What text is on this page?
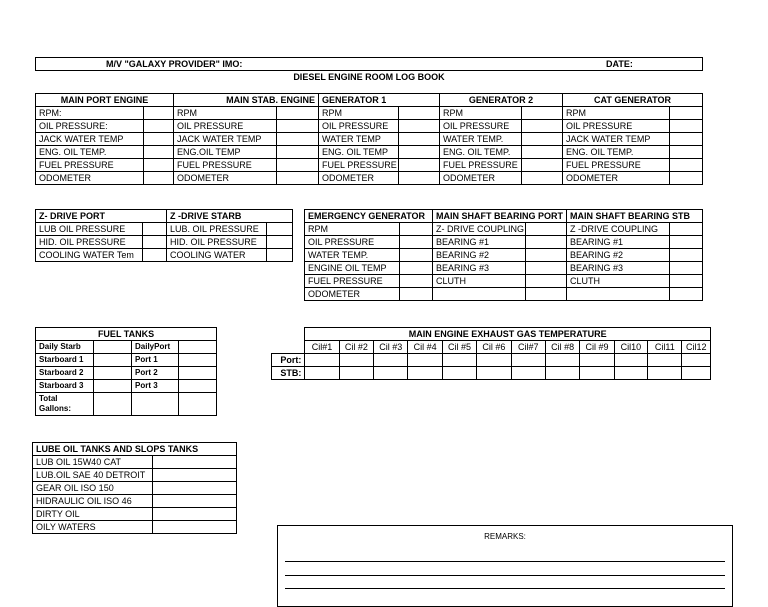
M/V "GALAXY PROVIDER" IMO:	DATE:
DIESEL ENGINE ROOM LOG BOOK
MAIN PORT ENGINE		MAIN STAB. ENGINE		GENERATOR 1		GENERATOR 2		CAT GENERATOR	
RPM:		RPM		RPM		RPM		RPM	
OIL PRESSURE:		OIL PRESSURE		OIL PRESSURE		OIL PRESSURE		OIL PRESSURE	
JACK WATER TEMP		JACK WATER TEMP		WATER TEMP		WATER TEMP.		JACK WATER TEMP	
ENG. OIL TEMP.		ENG.OIL TEMP		ENG. OIL TEMP		ENG. OIL TEMP.		ENG. OIL TEMP.	
FUEL PRESSURE		FUEL PRESSURE		FUEL PRESSURE		FUEL PRESSURE		FUEL PRESSURE	
ODOMETER		ODOMETER		ODOMETER		ODOMETER		ODOMETER	
Z- DRIVE PORT		Z -DRIVE STARB	
LUB OIL PRESSURE		LUB. OIL PRESSURE	
HID. OIL PRESSURE		HID. OIL PRESSURE	
COOLING WATER Tem		COOLING WATER	
EMERGENCY GENERATOR		MAIN SHAFT BEARING PORT		MAIN SHAFT BEARING STB	
RPM		Z- DRIVE COUPLING		Z -DRIVE COUPLING	
OIL PRESSURE		BEARING #1		BEARING #1	
WATER TEMP.		BEARING #2		BEARING #2	
ENGINE OIL TEMP		BEARING #3		BEARING #3	
FUEL PRESSURE		CLUTH		CLUTH	
ODOMETER					
FUEL TANKS			
Daily Starb		DailyPort	
Starboard 1		Port 1	
Starboard 2		Port 2	
Starboard 3		Port 3	
Total Gallons:			
	MAIN ENGINE EXHAUST GAS TEMPERATURE											
	Cil#1	Cil #2	Cil #3	Cil #4	Cil #5	Cil #6	Cil#7	Cil #8	Cil #9	Cil10	Cil11	Cil12
Port:												
STB:												
LUBE OIL TANKS AND SLOPS TANKS	
LUB OIL 15W40 CAT	
LUB.OIL SAE 40 DETROIT	
GEAR OIL ISO 150	
HIDRAULIC OIL ISO 46	
DIRTY OIL	
OILY WATERS	
REMARKS:
